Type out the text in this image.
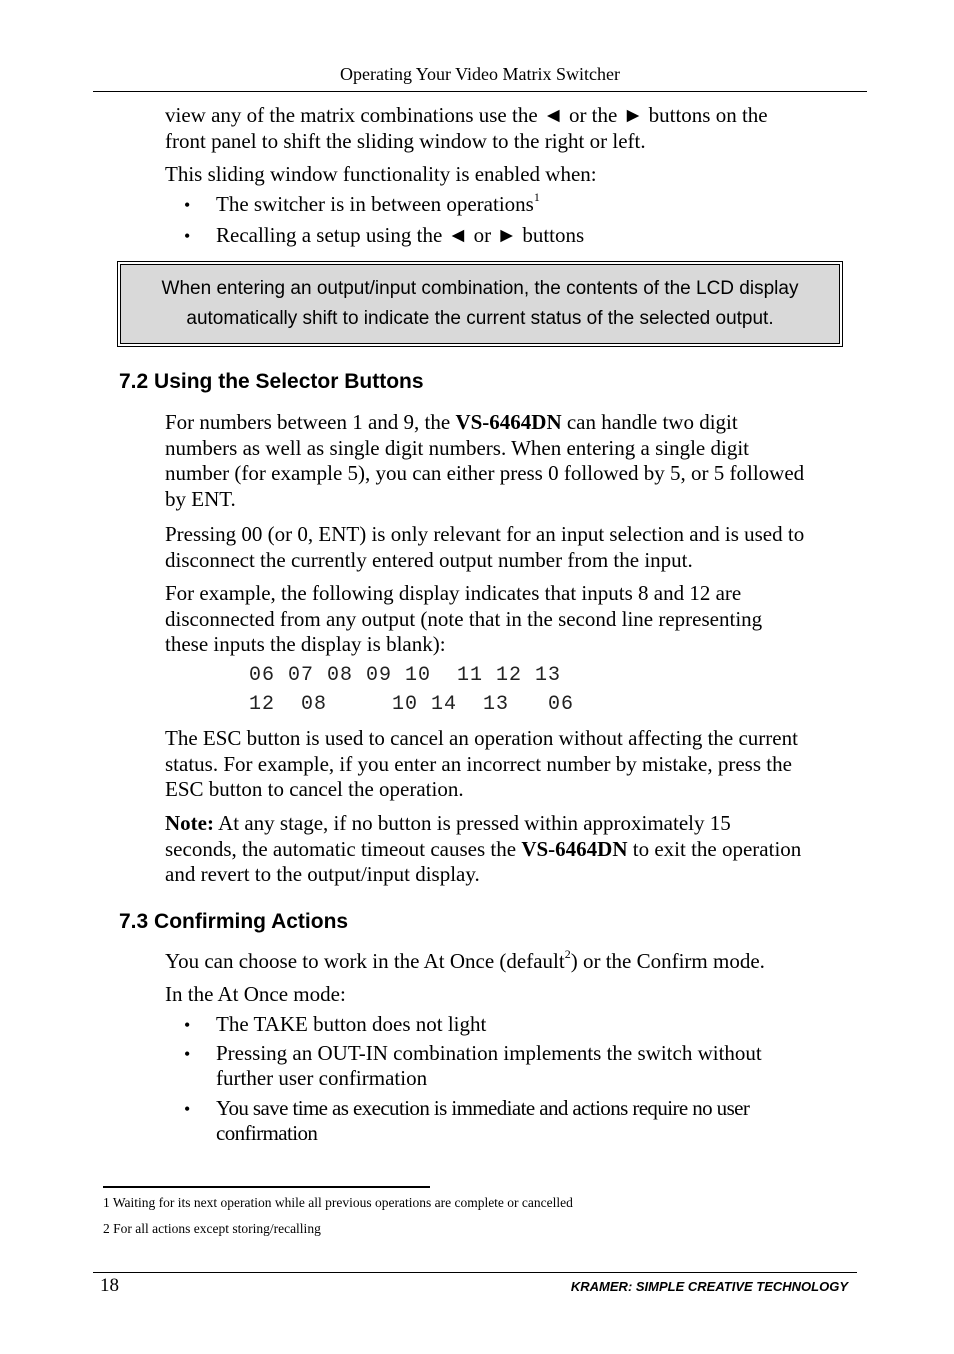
Operating Your Video Matrix Switcher
view any of the matrix combinations use the ◄ or the ► buttons on the
front panel to shift the sliding window to the right or left.
This sliding window functionality is enabled when:
• The switcher is in between operations$^1$
• Recalling a setup using the ◄ or ► buttons
When entering an output/input combination, the contents of the LCD display
automatically shift to indicate the current status of the selected output.
7.2 Using the Selector Buttons
For numbers between 1 and 9, the VS-6464DN can handle two digit
numbers as well as single digit numbers. When entering a single digit
number (for example 5), you can either press 0 followed by 5, or 5 followed
by ENT.
Pressing 00 (or 0, ENT) is only relevant for an input selection and is used to
disconnect the currently entered output number from the input.
For example, the following display indicates that inputs 8 and 12 are
disconnected from any output (note that in the second line representing
these inputs the display is blank):
06 07 08 09 10  11 12 13
12  08     10 14  13   06
The ESC button is used to cancel an operation without affecting the current
status. For example, if you enter an incorrect number by mistake, press the
ESC button to cancel the operation.
Note: At any stage, if no button is pressed within approximately 15
seconds, the automatic timeout causes the VS-6464DN to exit the operation
and revert to the output/input display.
7.3 Confirming Actions
You can choose to work in the At Once (default$^2$) or the Confirm mode.
In the At Once mode:
• The TAKE button does not light
• Pressing an OUT-IN combination implements the switch without
further user confirmation
• You save time as execution is immediate and actions require no user
confirmation
1 Waiting for its next operation while all previous operations are complete or cancelled
2 For all actions except storing/recalling
18	KRAMER: SIMPLE CREATIVE TECHNOLOGY
